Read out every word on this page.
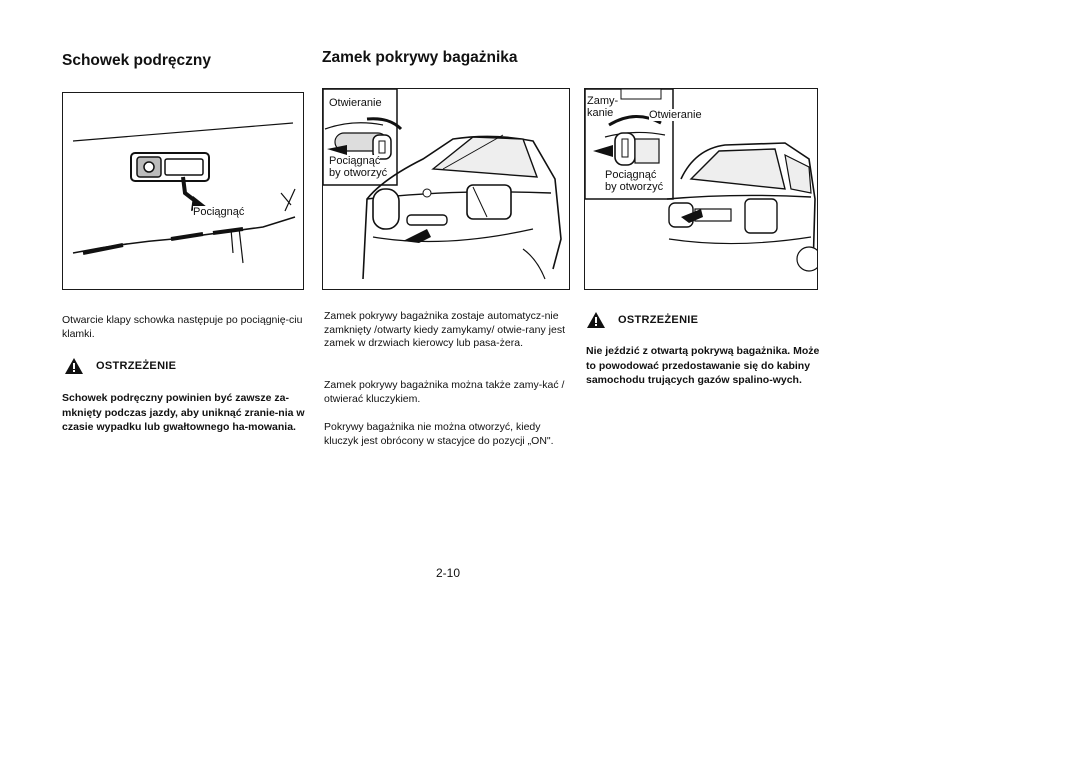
Schowek podręczny	Zamek pokrywy bagażnika
Pociągnąć
Otwieranie
Pociągnąć
by otworzyć
Zamy-
kanie	Otwieranie
Pociągnąć
by otworzyć
Otwarcie klapy schowka następuje po pociągnię-ciu klamki.
OSTRZEŻENIE
Schowek podręczny powinien być zawsze za-mknięty podczas jazdy, aby uniknąć zranie-nia w czasie wypadku lub gwałtownego ha-mowania.
Zamek pokrywy bagażnika zostaje automatycz-nie zamknięty /otwarty kiedy zamykamy/ otwie-rany jest zamek w drzwiach kierowcy lub pasa-żera.
Zamek pokrywy bagażnika można także zamy-kać / otwierać kluczykiem.
Pokrywy bagażnika nie można otworzyć, kiedy kluczyk jest obrócony w stacyjce do pozycji „ON".
OSTRZEŻENIE
Nie jeździć z otwartą pokrywą bagażnika. Może to powodować przedostawanie się do kabiny samochodu trujących gazów spalino-wych.
2-10
